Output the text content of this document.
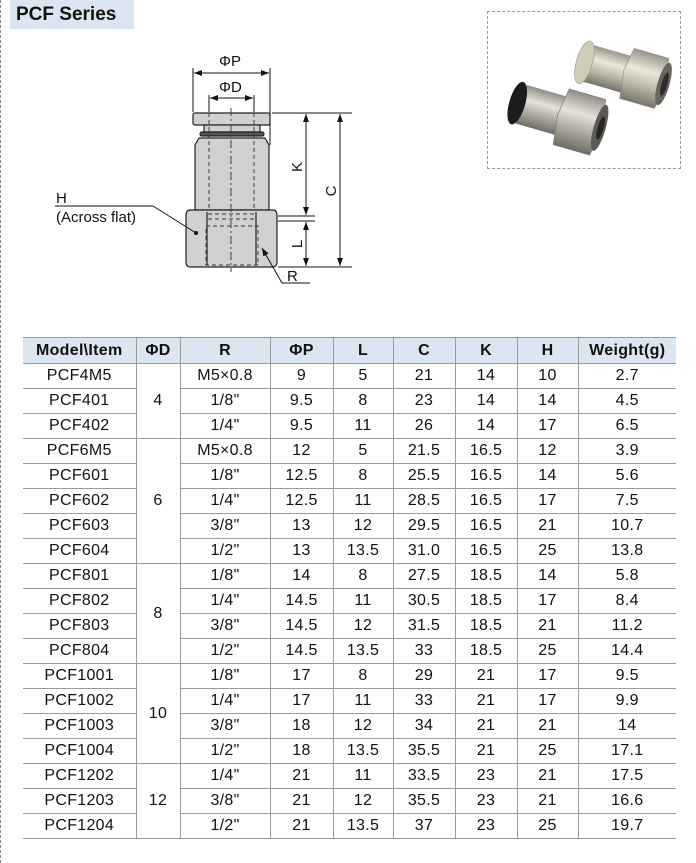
PCF Series
ΦP
ΦD
K
C
L
R
H
(Across flat)
Model\Item	ΦD	R	ΦP	L	C	K	H	Weight(g)
PCF4M5	4	M5×0.8	9	5	21	14	10	2.7
PCF401		1/8"	9.5	8	23	14	14	4.5
PCF402		1/4"	9.5	11	26	14	17	6.5
PCF6M5	6	M5×0.8	12	5	21.5	16.5	12	3.9
PCF601		1/8"	12.5	8	25.5	16.5	14	5.6
PCF602		1/4"	12.5	11	28.5	16.5	17	7.5
PCF603		3/8"	13	12	29.5	16.5	21	10.7
PCF604		1/2"	13	13.5	31.0	16.5	25	13.8
PCF801	8	1/8"	14	8	27.5	18.5	14	5.8
PCF802		1/4"	14.5	11	30.5	18.5	17	8.4
PCF803		3/8"	14.5	12	31.5	18.5	21	11.2
PCF804		1/2"	14.5	13.5	33	18.5	25	14.4
PCF1001	10	1/8"	17	8	29	21	17	9.5
PCF1002		1/4"	17	11	33	21	17	9.9
PCF1003		3/8"	18	12	34	21	21	14
PCF1004		1/2"	18	13.5	35.5	21	25	17.1
PCF1202	12	1/4"	21	11	33.5	23	21	17.5
PCF1203		3/8"	21	12	35.5	23	21	16.6
PCF1204		1/2"	21	13.5	37	23	25	19.7
